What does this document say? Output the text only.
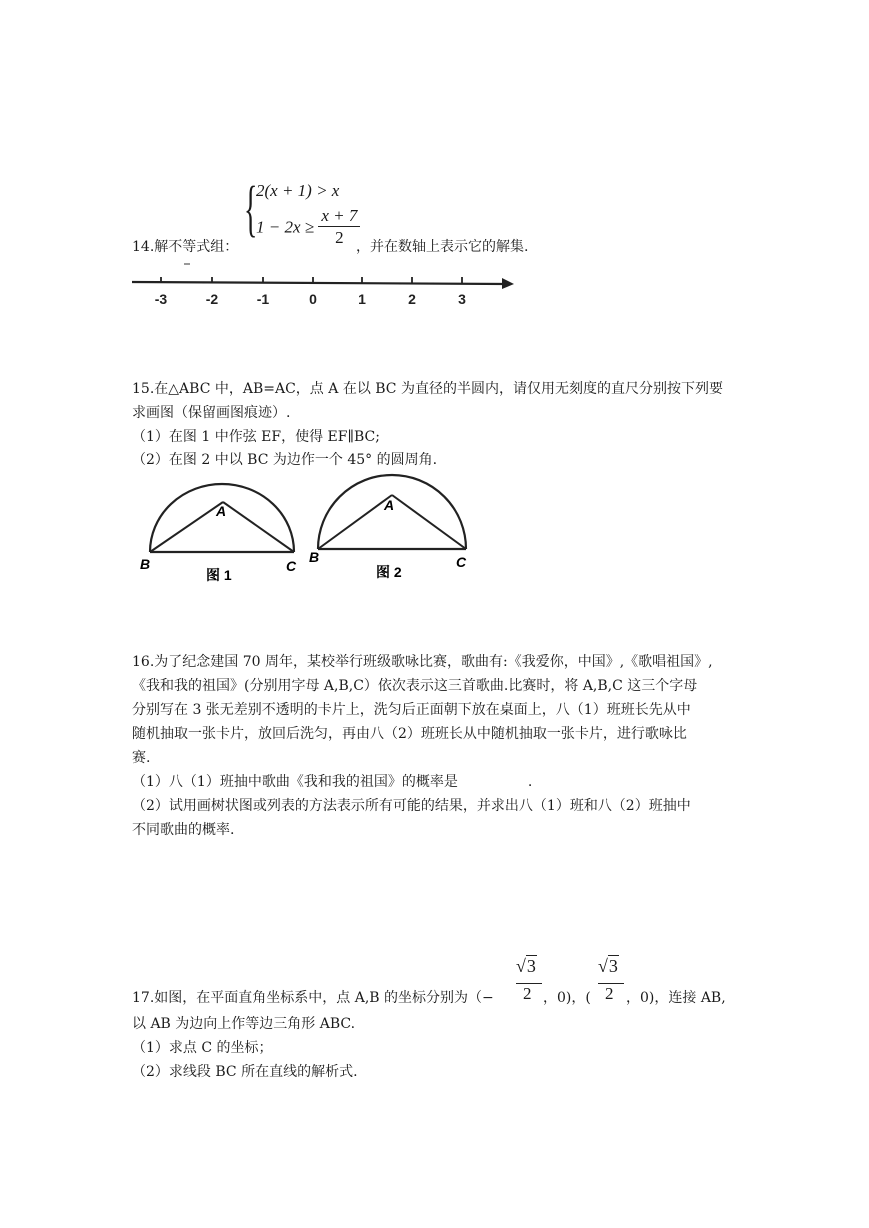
{
2(x + 1) > x
$1 - 2x \ge \frac{x + 7}{2}$
14.解不等式组：	，并在数轴上表示它的解集.
-3	-2	-1	0	1	2	3
15.在△ABC 中，AB=AC，点 A 在以 BC 为直径的半圆内，请仅用无刻度的直尺分别按下列要
求画图（保留画图痕迹）.
（1）在图 1 中作弦 EF，使得 EF∥BC;
（2）在图 2 中以 BC 为边作一个 45° 的圆周角.
A
B	C
图 1
A
B	C
图 2
16.为了纪念建国 70 周年，某校举行班级歌咏比赛，歌曲有:《我爱你，中国》,《歌唱祖国》,
《我和我的祖国》(分别用字母 A,B,C）依次表示这三首歌曲.比赛时，将 A,B,C 这三个字母
分别写在 3 张无差别不透明的卡片上，洗匀后正面朝下放在桌面上，八（1）班班长先从中
随机抽取一张卡片，放回后洗匀，再由八（2）班班长从中随机抽取一张卡片，进行歌咏比
赛.
（1）八（1）班抽中歌曲《我和我的祖国》的概率是　　　　　.
（2）试用画树状图或列表的方法表示所有可能的结果，并求出八（1）班和八（2）班抽中
不同歌曲的概率.
√3
2
√3
2
17.如图，在平面直角坐标系中，点 A,B 的坐标分别为（−	，0)，(	，0)，连接 AB,
以 AB 为边向上作等边三角形 ABC.
（1）求点 C 的坐标；
（2）求线段 BC 所在直线的解析式.
